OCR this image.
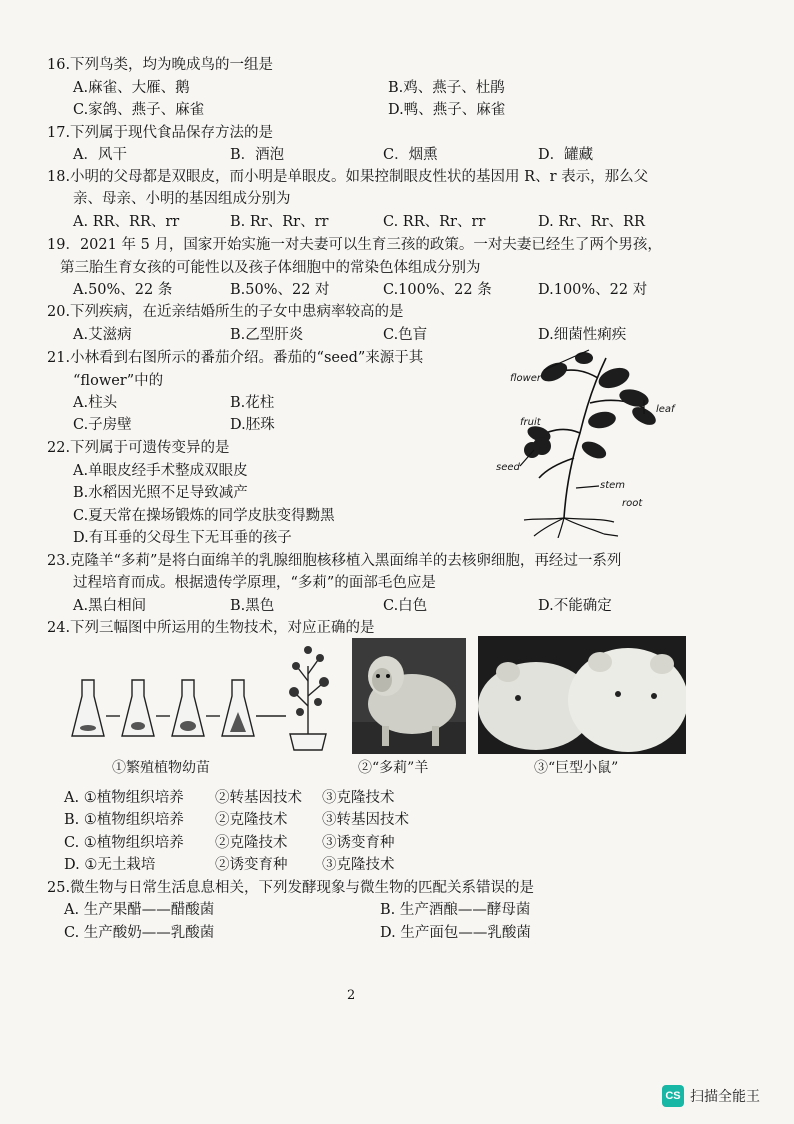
16.下列鸟类，均为晚成鸟的一组是
A.麻雀、大雁、鹅	B.鸡、燕子、杜鹃
C.家鸽、燕子、麻雀	D.鸭、燕子、麻雀
17.下列属于现代食品保存方法的是
A．风干	B．酒泡	C．烟熏	D．罐藏
18.小明的父母都是双眼皮，而小明是单眼皮。如果控制眼皮性状的基因用 R、r 表示，那么父
亲、母亲、小明的基因组成分别为
A. RR、RR、rr	B. Rr、Rr、rr	C. RR、Rr、rr	D. Rr、Rr、RR
19．2021 年 5 月，国家开始实施一对夫妻可以生育三孩的政策。一对夫妻已经生了两个男孩，
第三胎生育女孩的可能性以及孩子体细胞中的常染色体组成分别为
A.50%、22 条	B.50%、22 对	C.100%、22 条	D.100%、22 对
20.下列疾病，在近亲结婚所生的子女中患病率较高的是
A.艾滋病	B.乙型肝炎	C.色盲	D.细菌性痢疾
21.小林看到右图所示的番茄介绍。番茄的“seed”来源于其
“flower”中的
A.柱头	B.花柱
C.子房壁	D.胚珠
flower
leaf
fruit
stem
seed
root
22.下列属于可遗传变异的是
A.单眼皮经手术整成双眼皮
B.水稻因光照不足导致减产
C.夏天常在操场锻炼的同学皮肤变得黝黑
D.有耳垂的父母生下无耳垂的孩子
23.克隆羊“多莉”是将白面绵羊的乳腺细胞核移植入黑面绵羊的去核卵细胞，再经过一系列
过程培育而成。根据遗传学原理，“多莉”的面部毛色应是
A.黑白相间	B.黑色	C.白色	D.不能确定
24.下列三幅图中所运用的生物技术，对应正确的是
①繁殖植物幼苗	②“多莉”羊	③“巨型小鼠”
A. ①植物组织培养 ②转基因技术 ③克隆技术
B. ①植物组织培养 ②克隆技术 ③转基因技术
C. ①植物组织培养 ②克隆技术 ③诱变育种
D. ①无土栽培	②诱变育种 ③克隆技术
25.微生物与日常生活息息相关，下列发酵现象与微生物的匹配关系错误的是
A. 生产果醋——醋酸菌	B. 生产酒酿——酵母菌
C. 生产酸奶——乳酸菌	D. 生产面包——乳酸菌
2
CS 扫描全能王
